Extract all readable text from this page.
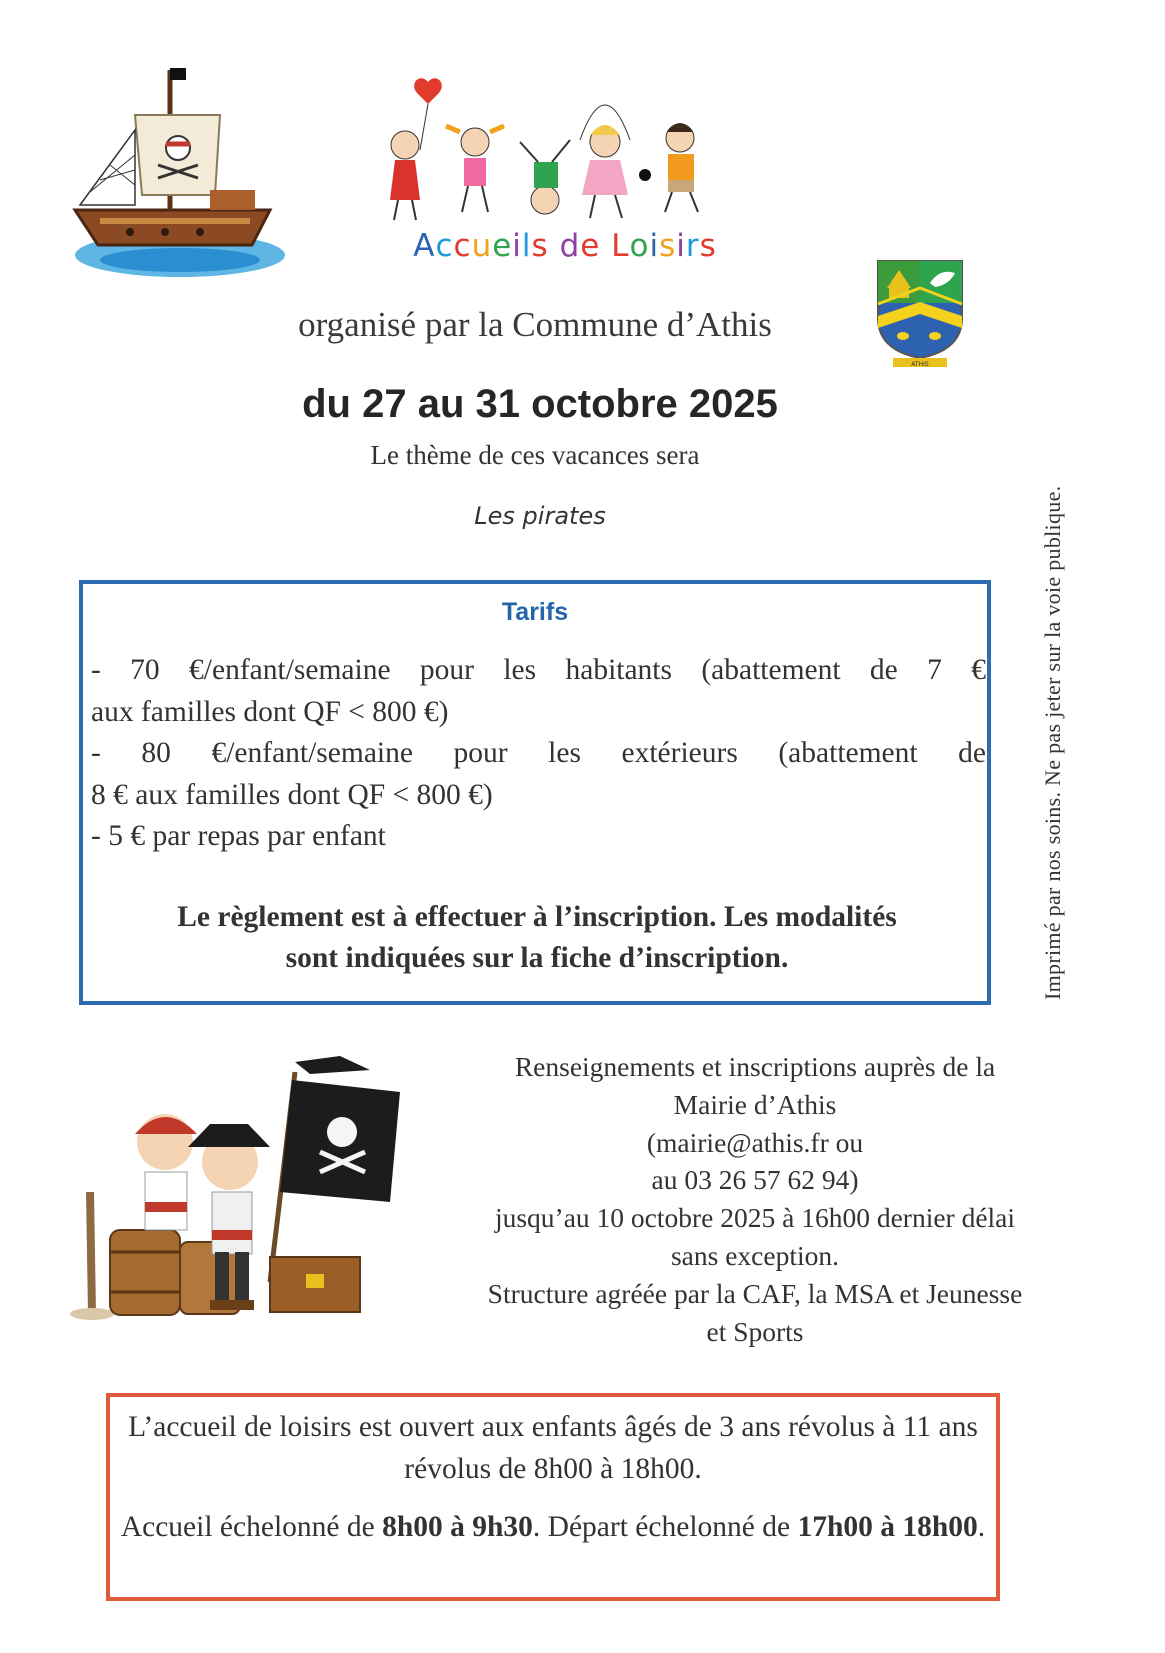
Accueils de Loisirs
ATHIS
organisé par la Commune d’Athis
du 27 au 31 octobre 2025
Le thème de ces vacances sera
Les pirates	Imprimé par nos soins. Ne pas jeter sur la voie publique.
Tarifs
- 70 €/enfant/semaine pour les habitants (abattement de 7 €
aux familles dont QF < 800 €)
- 80 €/enfant/semaine pour les extérieurs (abattement de
8 € aux familles dont QF < 800 €)
- 5 € par repas par enfant
Le règlement est à effectuer à l’inscription. Les modalités
sont indiquées sur la fiche d’inscription.
Renseignements et inscriptions auprès de la
Mairie d’Athis
(mairie@athis.fr ou
au 03 26 57 62 94)
jusqu’au 10 octobre 2025 à 16h00 dernier délai
sans exception.
Structure agréée par la CAF, la MSA et Jeunesse
et Sports

L’accueil de loisirs est ouvert aux enfants âgés de 3 ans révolus à 11 ans révolus de 8h00 à 18h00.

Accueil échelonné de 8h00 à 9h30. Départ échelonné de 17h00 à 18h00.
